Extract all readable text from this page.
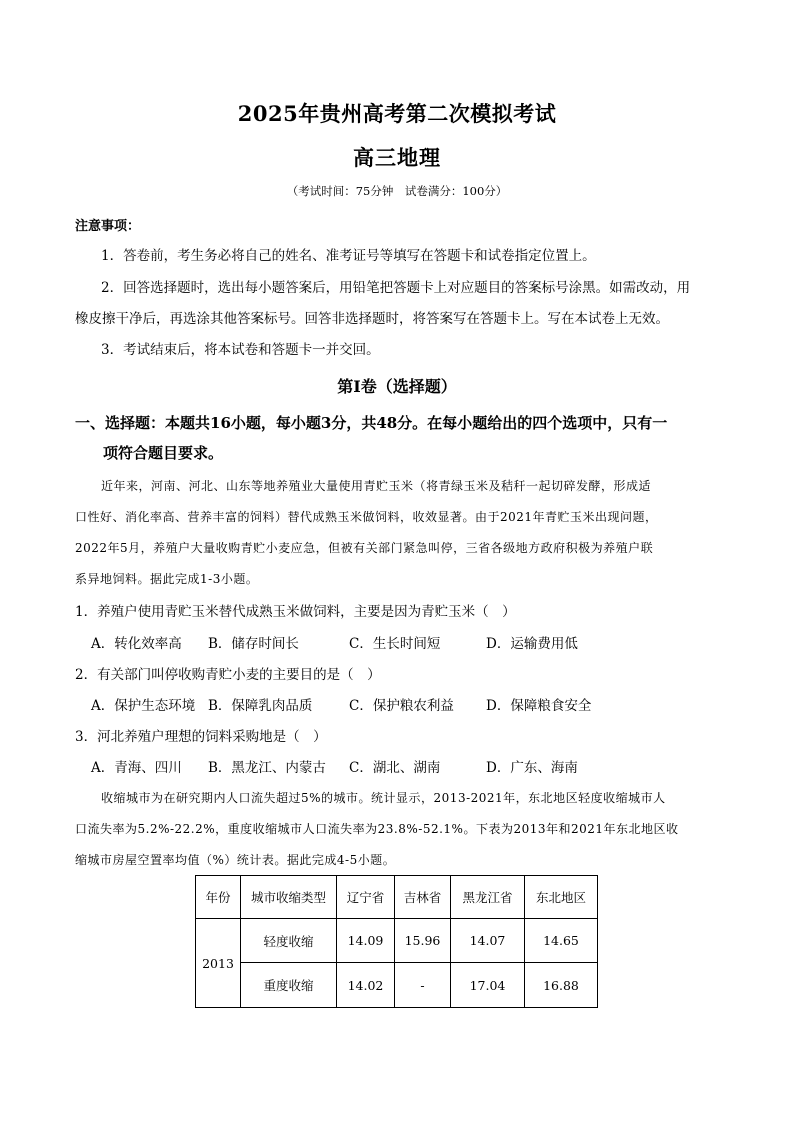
2025年贵州高考第二次模拟考试
高三地理
（考试时间：75分钟　试卷满分：100分）
注意事项：
1．答卷前，考生务必将自己的姓名、准考证号等填写在答题卡和试卷指定位置上。
2．回答选择题时，选出每小题答案后，用铅笔把答题卡上对应题目的答案标号涂黑。如需改动，用
橡皮擦干净后，再选涂其他答案标号。回答非选择题时，将答案写在答题卡上。写在本试卷上无效。
3．考试结束后，将本试卷和答题卡一并交回。
第Ⅰ卷（选择题）
一、选择题：本题共16小题，每小题3分，共48分。在每小题给出的四个选项中，只有一
项符合题目要求。
近年来，河南、河北、山东等地养殖业大量使用青贮玉米（将青绿玉米及秸秆一起切碎发酵，形成适
口性好、消化率高、营养丰富的饲料）替代成熟玉米做饲料，收效显著。由于2021年青贮玉米出现问题，
2022年5月，养殖户大量收购青贮小麦应急，但被有关部门紧急叫停，三省各级地方政府积极为养殖户联
系异地饲料。据此完成1-3小题。
1．养殖户使用青贮玉米替代成熟玉米做饲料，主要是因为青贮玉米（　）
A．转化效率高 B．储存时间长	C．生长时间短	D．运输费用低
2．有关部门叫停收购青贮小麦的主要目的是（　）
A．保护生态环境 B．保障乳肉品质	C．保护粮农利益 D．保障粮食安全
3．河北养殖户理想的饲料采购地是（　）
A．青海、四川 B．黑龙江、内蒙古 C．湖北、湖南	D．广东、海南
收缩城市为在研究期内人口流失超过5%的城市。统计显示，2013-2021年，东北地区轻度收缩城市人
口流失率为5.2%-22.2%，重度收缩城市人口流失率为23.8%-52.1%。下表为2013年和2021年东北地区收
缩城市房屋空置率均值（%）统计表。据此完成4-5小题。
年份	城市收缩类型	辽宁省	吉林省	黑龙江省	东北地区
2013	轻度收缩	14.09	15.96	14.07	14.65
	重度收缩	14.02	-	17.04	16.88
